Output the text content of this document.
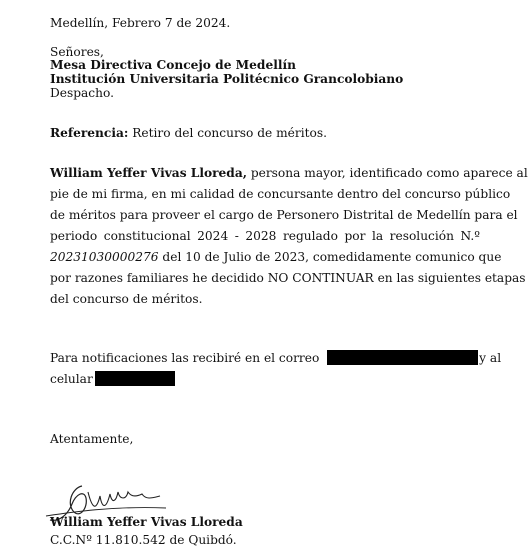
Medellín, Febrero 7 de 2024.
Señores,
Mesa Directiva Concejo de Medellín
Institución Universitaria Politécnico Grancolobiano
Despacho.
Referencia: Retiro del concurso de méritos.
William Yeffer Vivas Lloreda, persona mayor, identificado como aparece al
pie de mi firma, en mi calidad de concursante dentro del concurso público
de méritos para proveer el cargo de Personero Distrital de Medellín para el
periodo constitucional 2024 - 2028 regulado por la resolución N.º
20231030000276 del 10 de Julio de 2023, comedidamente comunico que
por razones familiares he decidido NO CONTINUAR en las siguientes etapas
del concurso de méritos.
Para notificaciones las recibiré en el correo	y al
celular
Atentamente,
William Yeffer Vivas Lloreda
C.C.Nº 11.810.542 de Quibdó.
